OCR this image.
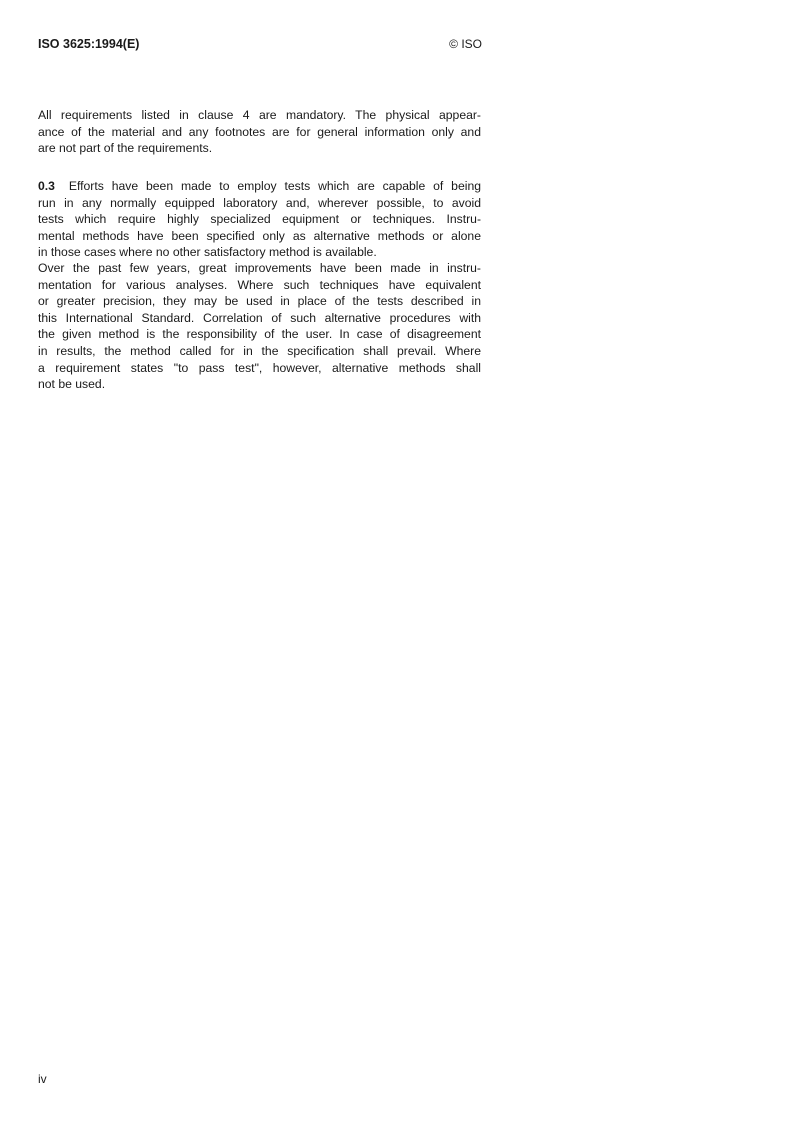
ISO 3625:1994(E)	© ISO
All requirements listed in clause 4 are mandatory. The physical appear-
ance of the material and any footnotes are for general information only and
are not part of the requirements.
0.3 Efforts have been made to employ tests which are capable of being
run in any normally equipped laboratory and, wherever possible, to avoid
tests which require highly specialized equipment or techniques. Instru-
mental methods have been specified only as alternative methods or alone
in those cases where no other satisfactory method is available.
Over the past few years, great improvements have been made in instru-
mentation for various analyses. Where such techniques have equivalent
or greater precision, they may be used in place of the tests described in
this International Standard. Correlation of such alternative procedures with
the given method is the responsibility of the user. In case of disagreement
in results, the method called for in the specification shall prevail. Where
a requirement states "to pass test", however, alternative methods shall
not be used.
iv
